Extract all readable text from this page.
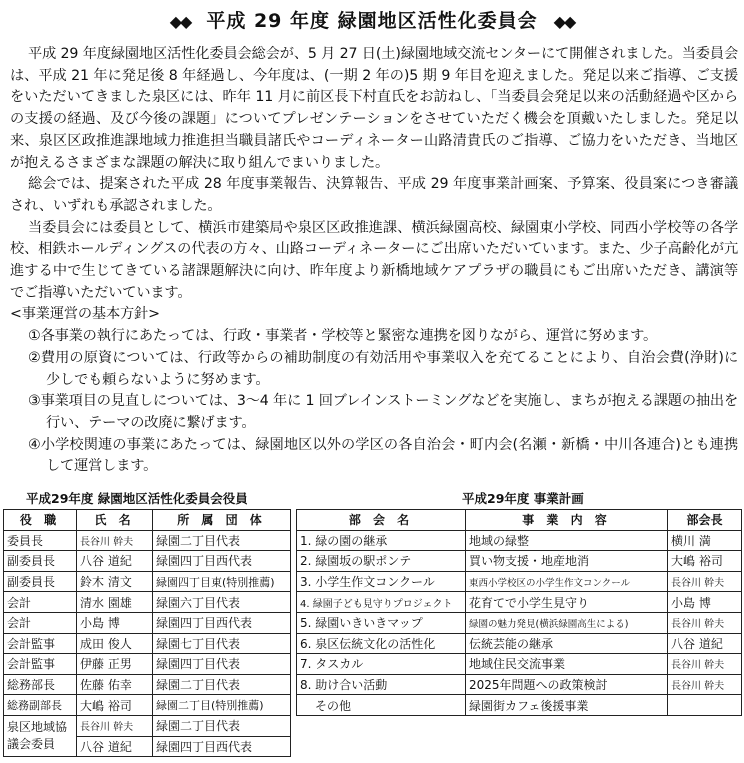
◆◆ 平成 29 年度 緑園地区活性化委員会 ◆◆

平成 29 年度緑園地区活性化委員会総会が、5 月 27 日(土)緑園地域交流センターにて開催されました。当委員会は、平成 21 年に発足後 8 年経過し、今年度は、(一期 2 年の)5 期 9 年目を迎えました。発足以来ご指導、ご支援をいただいてきました泉区には、昨年 11 月に前区長下村直氏をお訪ねし、「当委員会発足以来の活動経過や区からの支援の経過、及び今後の課題」についてプレゼンテーションをさせていただく機会を頂戴いたしました。発足以来、泉区区政推進課地域力推進担当職員諸氏やコーディネーター山路清貴氏のご指導、ご協力をいただき、当地区が抱えるさまざまな課題の解決に取り組んでまいりました。

総会では、提案された平成 28 年度事業報告、決算報告、平成 29 年度事業計画案、予算案、役員案につき審議され、いずれも承認されました。

当委員会には委員として、横浜市建築局や泉区区政推進課、横浜緑園高校、緑園東小学校、同西小学校等の各学校、相鉄ホールディングスの代表の方々、山路コーディネーターにご出席いただいています。また、少子高齢化が亢進する中で生じてきている諸課題解決に向け、昨年度より新橋地域ケアプラザの職員にもご出席いただき、講演等でご指導いただいています。

<事業運営の基本方針>
①各事業の執行にあたっては、行政・事業者・学校等と緊密な連携を図りながら、運営に努めます。
②費用の原資については、行政等からの補助制度の有効活用や事業収入を充てることにより、自治会費(浄財)に少しでも頼らないように努めます。
③事業項目の見直しについては、3～4 年に 1 回ブレインストーミングなどを実施し、まちが抱える課題の抽出を行い、テーマの改廃に繋げます。
④小学校関連の事業にあたっては、緑園地区以外の学区の各自治会・町内会(名瀬・新橋・中川各連合)とも連携して運営します。
平成29年度 緑園地区活性化委員会役員
役 職	氏 名	所 属 団 体
委員長	長谷川 幹夫	緑園二丁目代表
副委員長	八谷 道紀	緑園四丁目西代表
副委員長	鈴木 清文	緑園四丁目東(特別推薦)
会計	清水 園雄	緑園六丁目代表
会計	小島 博	緑園四丁目西代表
会計監事	成田 俊人	緑園七丁目代表
会計監事	伊藤 正男	緑園四丁目代表
総務部長	佐藤 佑幸	緑園二丁目代表
総務副部長	大嶋 裕司	緑園二丁目(特別推薦)
泉区地域協議会委員	長谷川 幹夫	緑園二丁目代表
	八谷 道紀	緑園四丁目西代表
平成29年度 事業計画
部 会 名	事 業 内 容	部会長
1. 緑の園の継承	地域の緑整	横川 満
2. 緑園坂の駅ポンテ	買い物支援・地産地消	大嶋 裕司
3. 小学生作文コンクール	東西小学校区の小学生作文コンクール	長谷川 幹夫
4. 緑園子ども見守りプロジェクト	花育てで小学生見守り	小島 博
5. 緑園いきいきマップ	緑園の魅力発見(横浜緑園高生による)	長谷川 幹夫
6. 泉区伝統文化の活性化	伝統芸能の継承	八谷 道紀
7. タスカル	地域住民交流事業	長谷川 幹夫
8. 助け合い活動	2025年問題への政策検討	長谷川 幹夫
その他	緑園街カフェ後援事業	
